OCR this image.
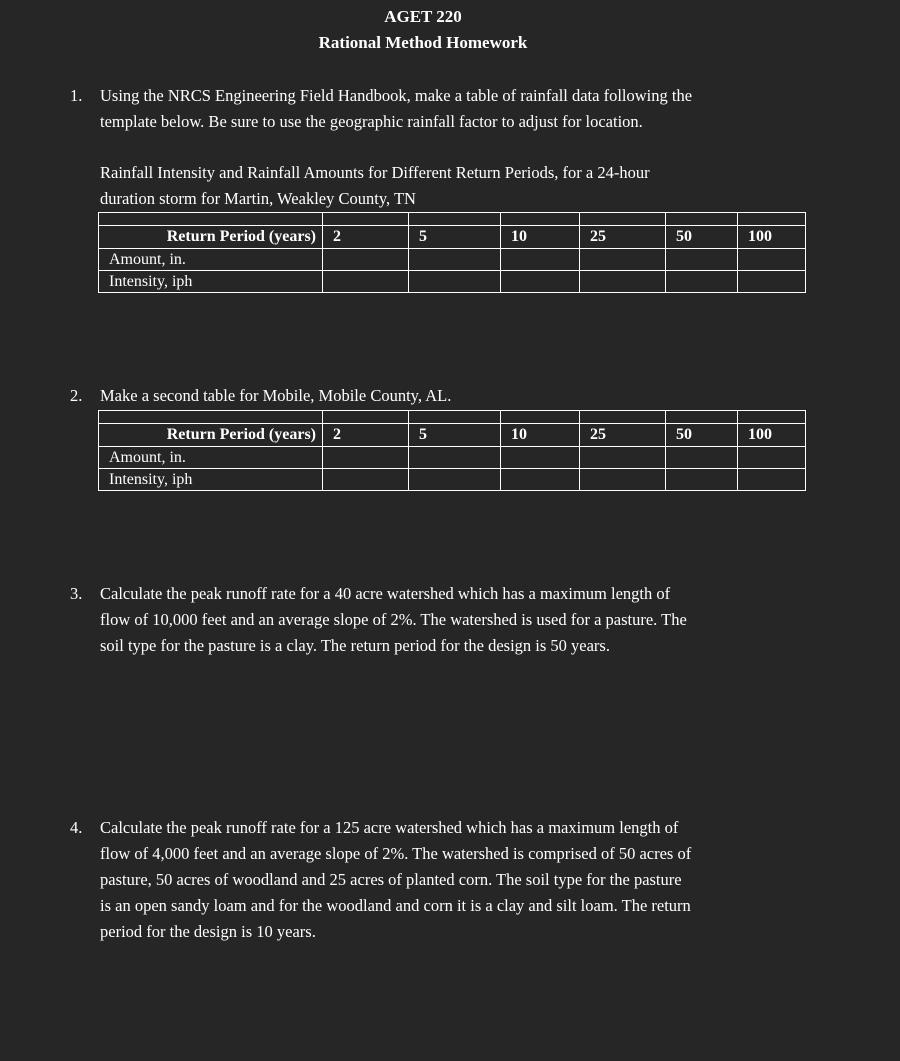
AGET 220
Rational Method Homework
1. Using the NRCS Engineering Field Handbook, make a table of rainfall data following the
template below. Be sure to use the geographic rainfall factor to adjust for location.
Rainfall Intensity and Rainfall Amounts for Different Return Periods, for a 24-hour
duration storm for Martin, Weakley County, TN

Return Period (years)	2	5	10	25	50	100
Amount, in.						
Intensity, iph						
2. Make a second table for Mobile, Mobile County, AL.

Return Period (years)	2	5	10	25	50	100
Amount, in.						
Intensity, iph						
3. Calculate the peak runoff rate for a 40 acre watershed which has a maximum length of
flow of 10,000 feet and an average slope of 2%. The watershed is used for a pasture. The
soil type for the pasture is a clay. The return period for the design is 50 years.
4. Calculate the peak runoff rate for a 125 acre watershed which has a maximum length of
flow of 4,000 feet and an average slope of 2%. The watershed is comprised of 50 acres of
pasture, 50 acres of woodland and 25 acres of planted corn. The soil type for the pasture
is an open sandy loam and for the woodland and corn it is a clay and silt loam. The return
period for the design is 10 years.
